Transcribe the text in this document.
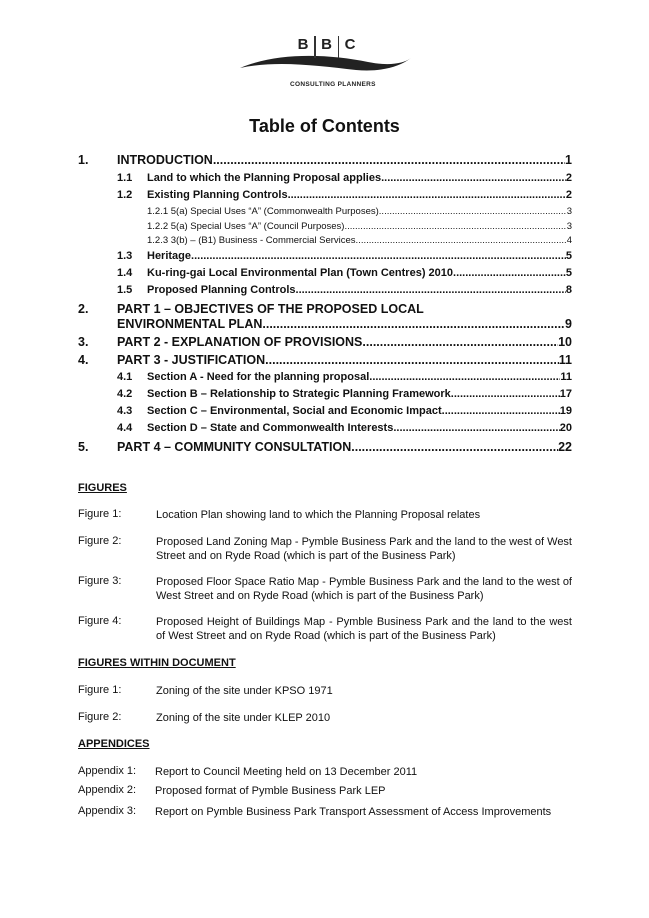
B B C
CONSULTING PLANNERS
Table of Contents
1. INTRODUCTION .....	1
1.1 Land to which the Planning Proposal applies .....	2
1.2 Existing Planning Controls .....	2
1.2.1 5(a) Special Uses “A” (Commonwealth Purposes) .....	3
1.2.2 5(a) Special Uses “A” (Council Purposes) .....	3
1.2.3 3(b) – (B1) Business - Commercial Services .....	4
1.3 Heritage .....	5
1.4 Ku-ring-gai Local Environmental Plan (Town Centres) 2010 .....	5
1.5 Proposed Planning Controls .....	8
2. PART 1 – OBJECTIVES OF THE PROPOSED LOCAL
ENVIRONMENTAL PLAN .....	9
3. PART 2 - EXPLANATION OF PROVISIONS .....	10
4. PART 3 - JUSTIFICATION .....	11
4.1 Section A - Need for the planning proposal .....	11
4.2 Section B – Relationship to Strategic Planning Framework .....	17
4.3 Section C – Environmental, Social and Economic Impact .....	19
4.4 Section D – State and Commonwealth Interests .....	20
5. PART 4 – COMMUNITY CONSULTATION .....	22
FIGURES
Figure 1:	Location Plan showing land to which the Planning Proposal relates
Figure 2:	Proposed Land Zoning Map - Pymble Business Park and the land to the west of West Street and on Ryde Road (which is part of the Business Park)
Figure 3:	Proposed Floor Space Ratio Map - Pymble Business Park and the land to the west of West Street and on Ryde Road (which is part of the Business Park)
Figure 4:	Proposed Height of Buildings Map - Pymble Business Park and the land to the west of West Street and on Ryde Road (which is part of the Business Park)
FIGURES WITHIN DOCUMENT
Figure 1:	Zoning of the site under KPSO 1971
Figure 2:	Zoning of the site under KLEP 2010
APPENDICES
Appendix 1: Report to Council Meeting held on 13 December 2011
Appendix 2: Proposed format of Pymble Business Park LEP
Appendix 3: Report on Pymble Business Park Transport Assessment of Access Improvements
